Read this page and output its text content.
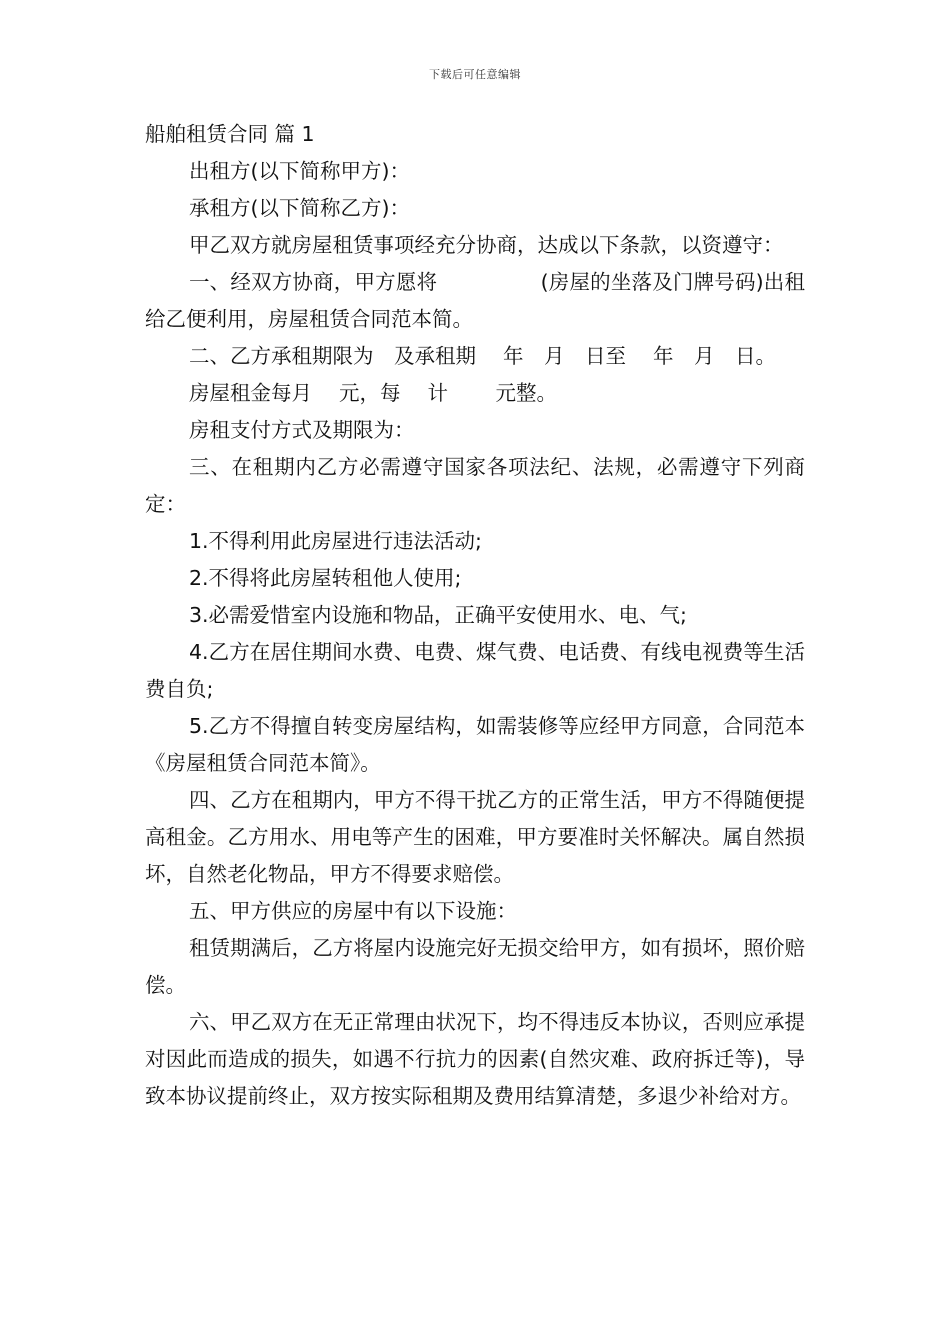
下载后可任意编辑

船舶租赁合同 篇 1

出租方(以下简称甲方)：

承租方(以下简称乙方)：

甲乙双方就房屋租赁事项经充分协商，达成以下条款，以资遵守：

一、经双方协商，甲方愿将　　　　　(房屋的坐落及门牌号码)出租给乙便利用，房屋租赁合同范本简。

二、乙方承租期限为　及承租期　 年　月　日至　 年　月　日。

房屋租金每月　 元，每　 计　　 元整。

房租支付方式及期限为：

三、在租期内乙方必需遵守国家各项法纪、法规，必需遵守下列商定：

1.不得利用此房屋进行违法活动;

2.不得将此房屋转租他人使用;

3.必需爱惜室内设施和物品，正确平安使用水、电、气;

4.乙方在居住期间水费、电费、煤气费、电话费、有线电视费等生活费自负;

5.乙方不得擅自转变房屋结构，如需装修等应经甲方同意，合同范本《房屋租赁合同范本简》。

四、乙方在租期内，甲方不得干扰乙方的正常生活，甲方不得随便提高租金。乙方用水、用电等产生的困难，甲方要准时关怀解决。属自然损坏，自然老化物品，甲方不得要求赔偿。

五、甲方供应的房屋中有以下设施：

租赁期满后，乙方将屋内设施完好无损交给甲方，如有损坏，照价赔偿。

六、甲乙双方在无正常理由状况下，均不得违反本协议，否则应承提对因此而造成的损失，如遇不行抗力的因素(自然灾难、政府拆迁等)，导致本协议提前终止，双方按实际租期及费用结算清楚，多退少补给对方。
